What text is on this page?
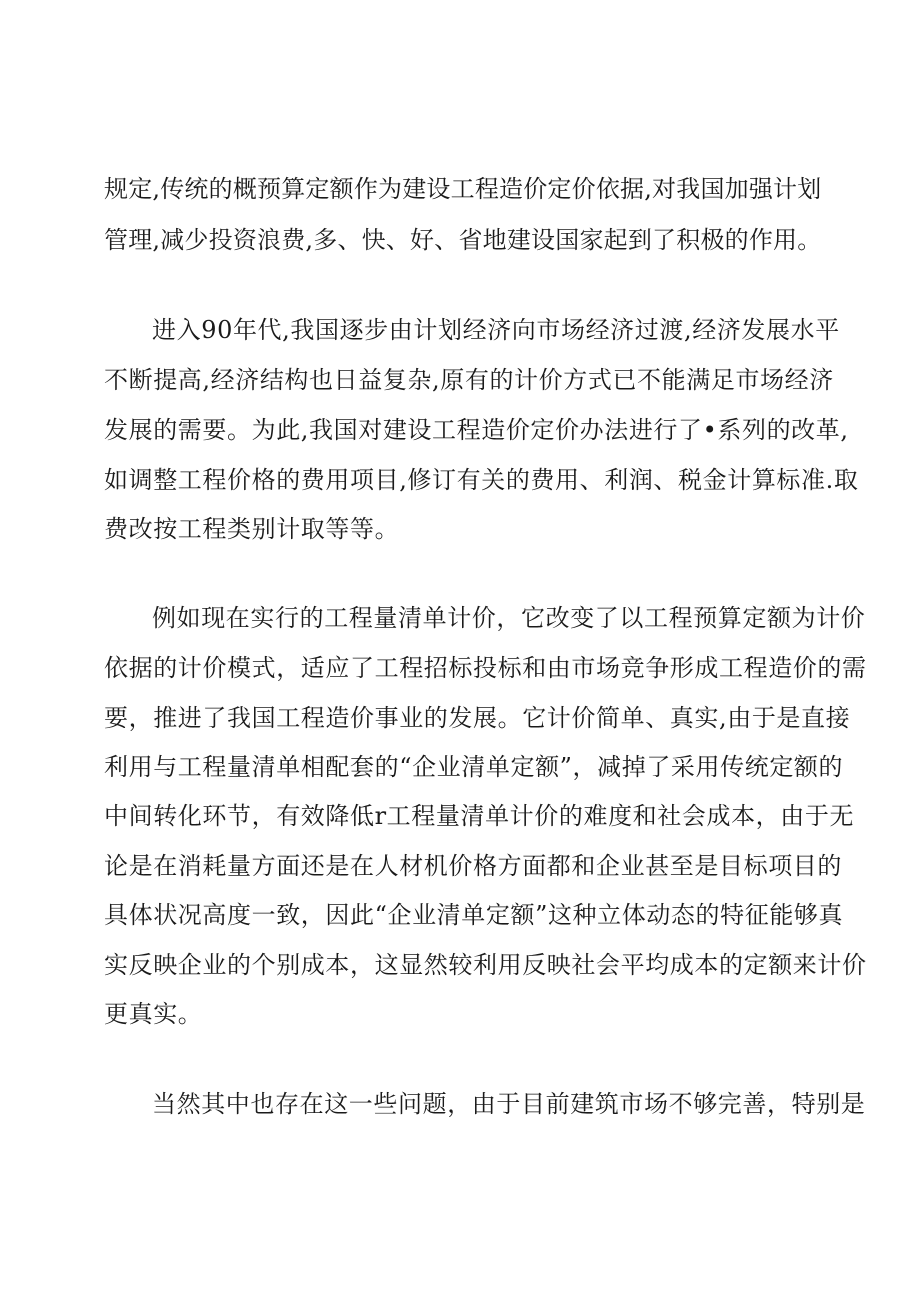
规定,传统的概预算定额作为建设工程造价定价依据,对我国加强计划
管理,减少投资浪费,多、快、好、省地建设国家起到了积极的作用。
进入90年代,我国逐步由计划经济向市场经济过渡,经济发展水平
不断提高,经济结构也日益复杂,原有的计价方式已不能满足市场经济
发展的需要。为此,我国对建设工程造价定价办法进行了•系列的改革,
如调整工程价格的费用项目,修订有关的费用、利润、税金计算标准.取
费改按工程类别计取等等。
例如现在实行的工程量清单计价，它改变了以工程预算定额为计价
依据的计价模式，适应了工程招标投标和由市场竞争形成工程造价的需
要，推进了我国工程造价事业的发展。它计价简单、真实,由于是直接
利用与工程量清单相配套的“企业清单定额”，减掉了采用传统定额的
中间转化环节，有效降低r工程量清单计价的难度和社会成本，由于无
论是在消耗量方面还是在人材机价格方面都和企业甚至是目标项目的
具体状况高度一致，因此“企业清单定额”这种立体动态的特征能够真
实反映企业的个别成本，这显然较利用反映社会平均成本的定额来计价
更真实。
当然其中也存在这一些问题，由于目前建筑市场不够完善，特别是
